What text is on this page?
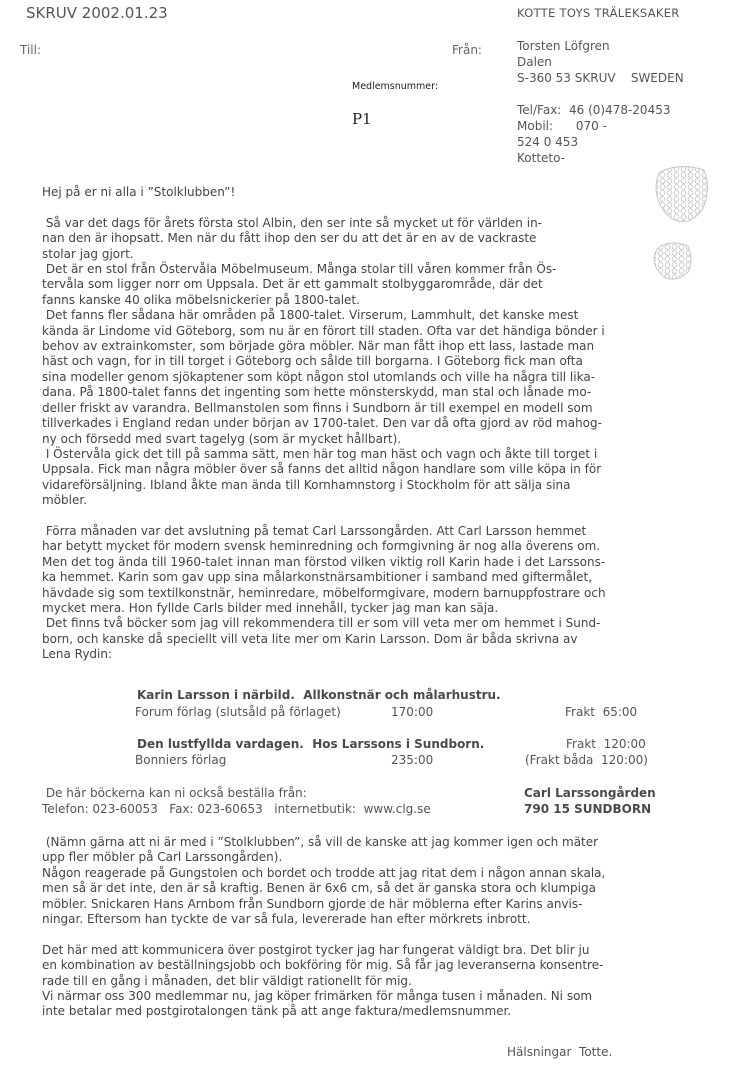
SKRUV 2002.01.23
Till:	Från:
KOTTE TOYS TRÄLEKSAKER
Torsten Löfgren
Dalen
S-360 53 SKRUV    SWEDEN
Tel/Fax:  46 (0)478-20453
Mobil:      070 -
524 0 453
Kotteto-
Medlemsnummer:
P1
Hej på er ni alla i ”Stolklubben”!

Så var det dags för årets första stol Albin, den ser inte så mycket ut för världen in-
nan den är ihopsatt. Men när du fått ihop den ser du att det är en av de vackraste
stolar jag gjort.
Det är en stol från Östervåla Möbelmuseum. Många stolar till våren kommer från Ös-
tervåla som ligger norr om Uppsala. Det är ett gammalt stolbyggarområde, där det
fanns kanske 40 olika möbelsnickerier på 1800-talet.
Det fanns fler sådana här områden på 1800-talet. Virserum, Lammhult, det kanske mest
kända är Lindome vid Göteborg, som nu är en förort till staden. Ofta var det händiga bönder i
behov av extrainkomster, som började göra möbler. När man fått ihop ett lass, lastade man
häst och vagn, for in till torget i Göteborg och sålde till borgarna. I Göteborg fick man ofta
sina modeller genom sjökaptener som köpt någon stol utomlands och ville ha några till lika-
dana. På 1800-talet fanns det ingenting som hette mönsterskydd, man stal och lånade mo-
deller friskt av varandra. Bellmanstolen som finns i Sundborn är till exempel en modell som
tillverkades i England redan under början av 1700-talet. Den var då ofta gjord av röd mahog-
ny och försedd med svart tagelyg (som är mycket hållbart).
I Östervåla gick det till på samma sätt, men här tog man häst och vagn och åkte till torget i
Uppsala. Fick man några möbler över så fanns det alltid någon handlare som ville köpa in för
vidareförsäljning. Ibland åkte man ända till Kornhamnstorg i Stockholm för att sälja sina
möbler.

Förra månaden var det avslutning på temat Carl Larssongården. Att Carl Larsson hemmet
har betytt mycket för modern svensk heminredning och formgivning är nog alla överens om.
Men det tog ända till 1960-talet innan man förstod vilken viktig roll Karin hade i det Larssons-
ka hemmet. Karin som gav upp sina målarkonstnärsambitioner i samband med giftermålet,
hävdade sig som textilkonstnär, heminredare, möbelformgivare, modern barnuppfostrare och
mycket mera. Hon fyllde Carls bilder med innehåll, tycker jag man kan säja.
Det finns två böcker som jag vill rekommendera till er som vill veta mer om hemmet i Sund-
born, och kanske då speciellt vill veta lite mer om Karin Larsson. Dom är båda skrivna av
Lena Rydin:
Karin Larsson i närbild.  Allkonstnär och målarhustru.
Forum förlag (slutsåld på förlaget)	170:00	Frakt  65:00
Den lustfyllda vardagen.  Hos Larssons i Sundborn.	Frakt  120:00
Bonniers förlag	235:00	(Frakt båda  120:00)
De här böckerna kan ni också beställa från:	Carl Larssongården
Telefon: 023-60053   Fax: 023-60653   internetbutik:  www.clg.se	790 15 SUNDBORN
(Nämn gärna att ni är med i ”Stolklubben”, så vill de kanske att jag kommer igen och mäter
upp fler möbler på Carl Larssongården).
Någon reagerade på Gungstolen och bordet och trodde att jag ritat dem i någon annan skala,
men så är det inte, den är så kraftig. Benen är 6x6 cm, så det är ganska stora och klumpiga
möbler. Snickaren Hans Arnbom från Sundborn gjorde de här möblerna efter Karins anvis-
ningar. Eftersom han tyckte de var så fula, levererade han efter mörkrets inbrott.

Det här med att kommunicera över postgirot tycker jag har fungerat väldigt bra. Det blir ju
en kombination av beställningsjobb och bokföring för mig. Så får jag leveranserna konsentre-
rade till en gång i månaden, det blir väldigt rationellt för mig.
Vi närmar oss 300 medlemmar nu, jag köper frimärken för många tusen i månaden. Ni som
inte betalar med postgirotalongen tänk på att ange faktura/medlemsnummer.
Hälsningar  Totte.
